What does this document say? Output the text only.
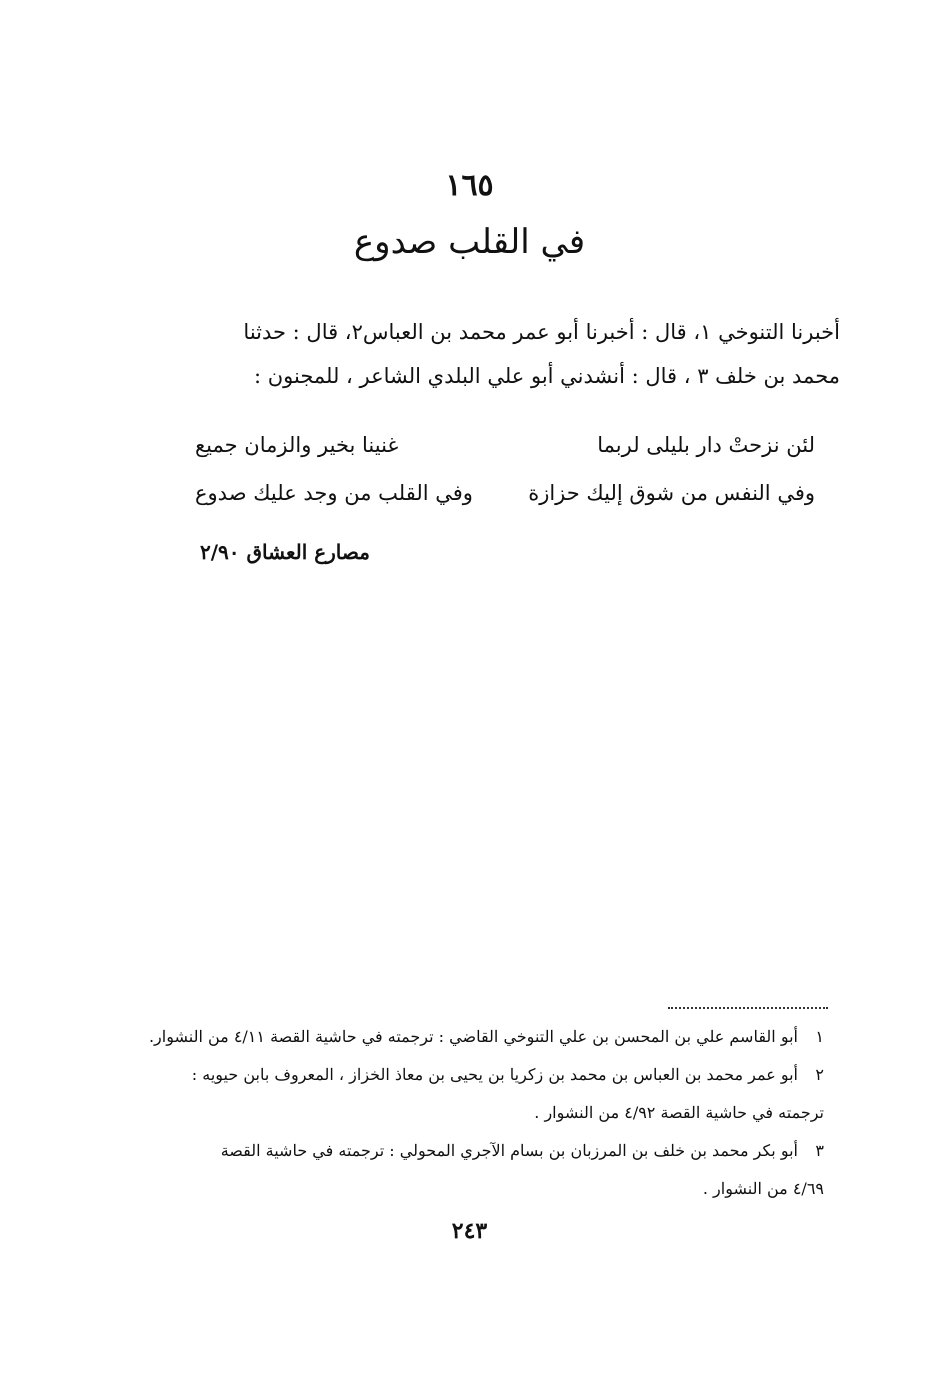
١٦٥
في القلب صدوع

أخبرنا التنوخي ١، قال : أخبرنا أبو عمر محمد بن العباس٢، قال : حدثنا

محمد بن خلف ٣ ، قال : أنشدني أبو علي البلدي الشاعر ، للمجنون :

لئن نزحتْ دار بليلى لربما
غنينا بخير والزمان جميع
وفي النفس من شوق إليك حزازة
وفي القلب من وجد عليك صدوع
مصارع العشاق ٢/٩٠

١أبو القاسم علي بن المحسن بن علي التنوخي القاضي : ترجمته في حاشية القصة ٤/١١ من النشوار.

٢أبو عمر محمد بن العباس بن محمد بن زكريا بن يحيى بن معاذ الخزاز ، المعروف بابن حيويه :

ترجمته في حاشية القصة ٤/٩٢ من النشوار .

٣أبو بكر محمد بن خلف بن المرزبان بن بسام الآجري المحولي : ترجمته في حاشية القصة

٤/٦٩ من النشوار .

٢٤٣
